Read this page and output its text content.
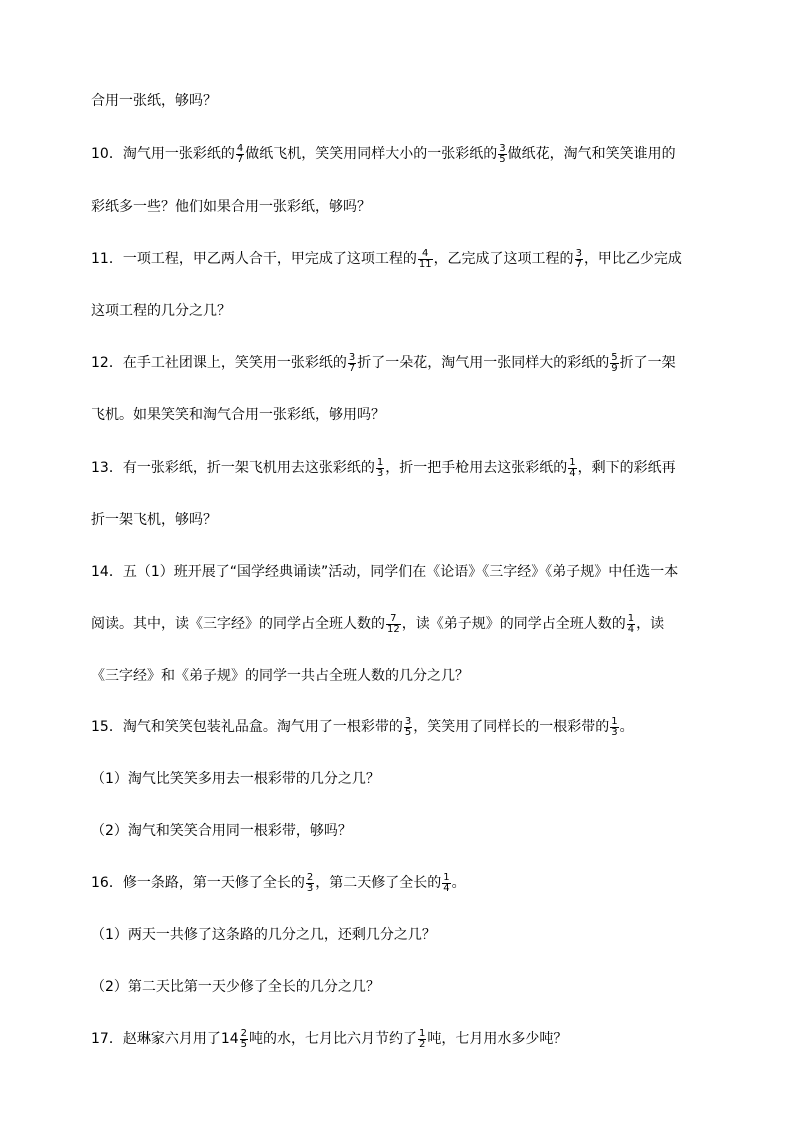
合用一张纸，够吗？
10．淘气用一张彩纸的 $\frac{4}{7}$ 做纸飞机，笑笑用同样大小的一张彩纸的 $\frac{3}{5}$ 做纸花，淘气和笑笑谁用的
彩纸多一些？他们如果合用一张彩纸，够吗？
11．一项工程，甲乙两人合干，甲完成了这项工程的 $\frac{4}{11}$ ，乙完成了这项工程的 $\frac{3}{7}$ ，甲比乙少完成
这项工程的几分之几？
12．在手工社团课上，笑笑用一张彩纸的 $\frac{3}{7}$ 折了一朵花，淘气用一张同样大的彩纸的 $\frac{5}{9}$ 折了一架
飞机。如果笑笑和淘气合用一张彩纸，够用吗？
13．有一张彩纸，折一架飞机用去这张彩纸的 $\frac{1}{3}$ ，折一把手枪用去这张彩纸的 $\frac{1}{4}$ ，剩下的彩纸再
折一架飞机，够吗？
14．五（1）班开展了“国学经典诵读”活动，同学们在《论语》《三字经》《弟子规》中任选一本
阅读。其中，读《三字经》的同学占全班人数的 $\frac{7}{12}$ ，读《弟子规》的同学占全班人数的 $\frac{1}{4}$ ，读
《三字经》和《弟子规》的同学一共占全班人数的几分之几？
15．淘气和笑笑包装礼品盒。淘气用了一根彩带的 $\frac{3}{5}$ ，笑笑用了同样长的一根彩带的 $\frac{1}{3}$ 。
（1）淘气比笑笑多用去一根彩带的几分之几？
（2）淘气和笑笑合用同一根彩带，够吗？
16．修一条路，第一天修了全长的 $\frac{2}{3}$ ，第二天修了全长的 $\frac{1}{4}$ 。
（1）两天一共修了这条路的几分之几，还剩几分之几？
（2）第二天比第一天少修了全长的几分之几？
17．赵琳家六月用了$14 \frac{2}{5}$ 吨的水，七月比六月节约了 $\frac{1}{2}$ 吨，七月用水多少吨？
